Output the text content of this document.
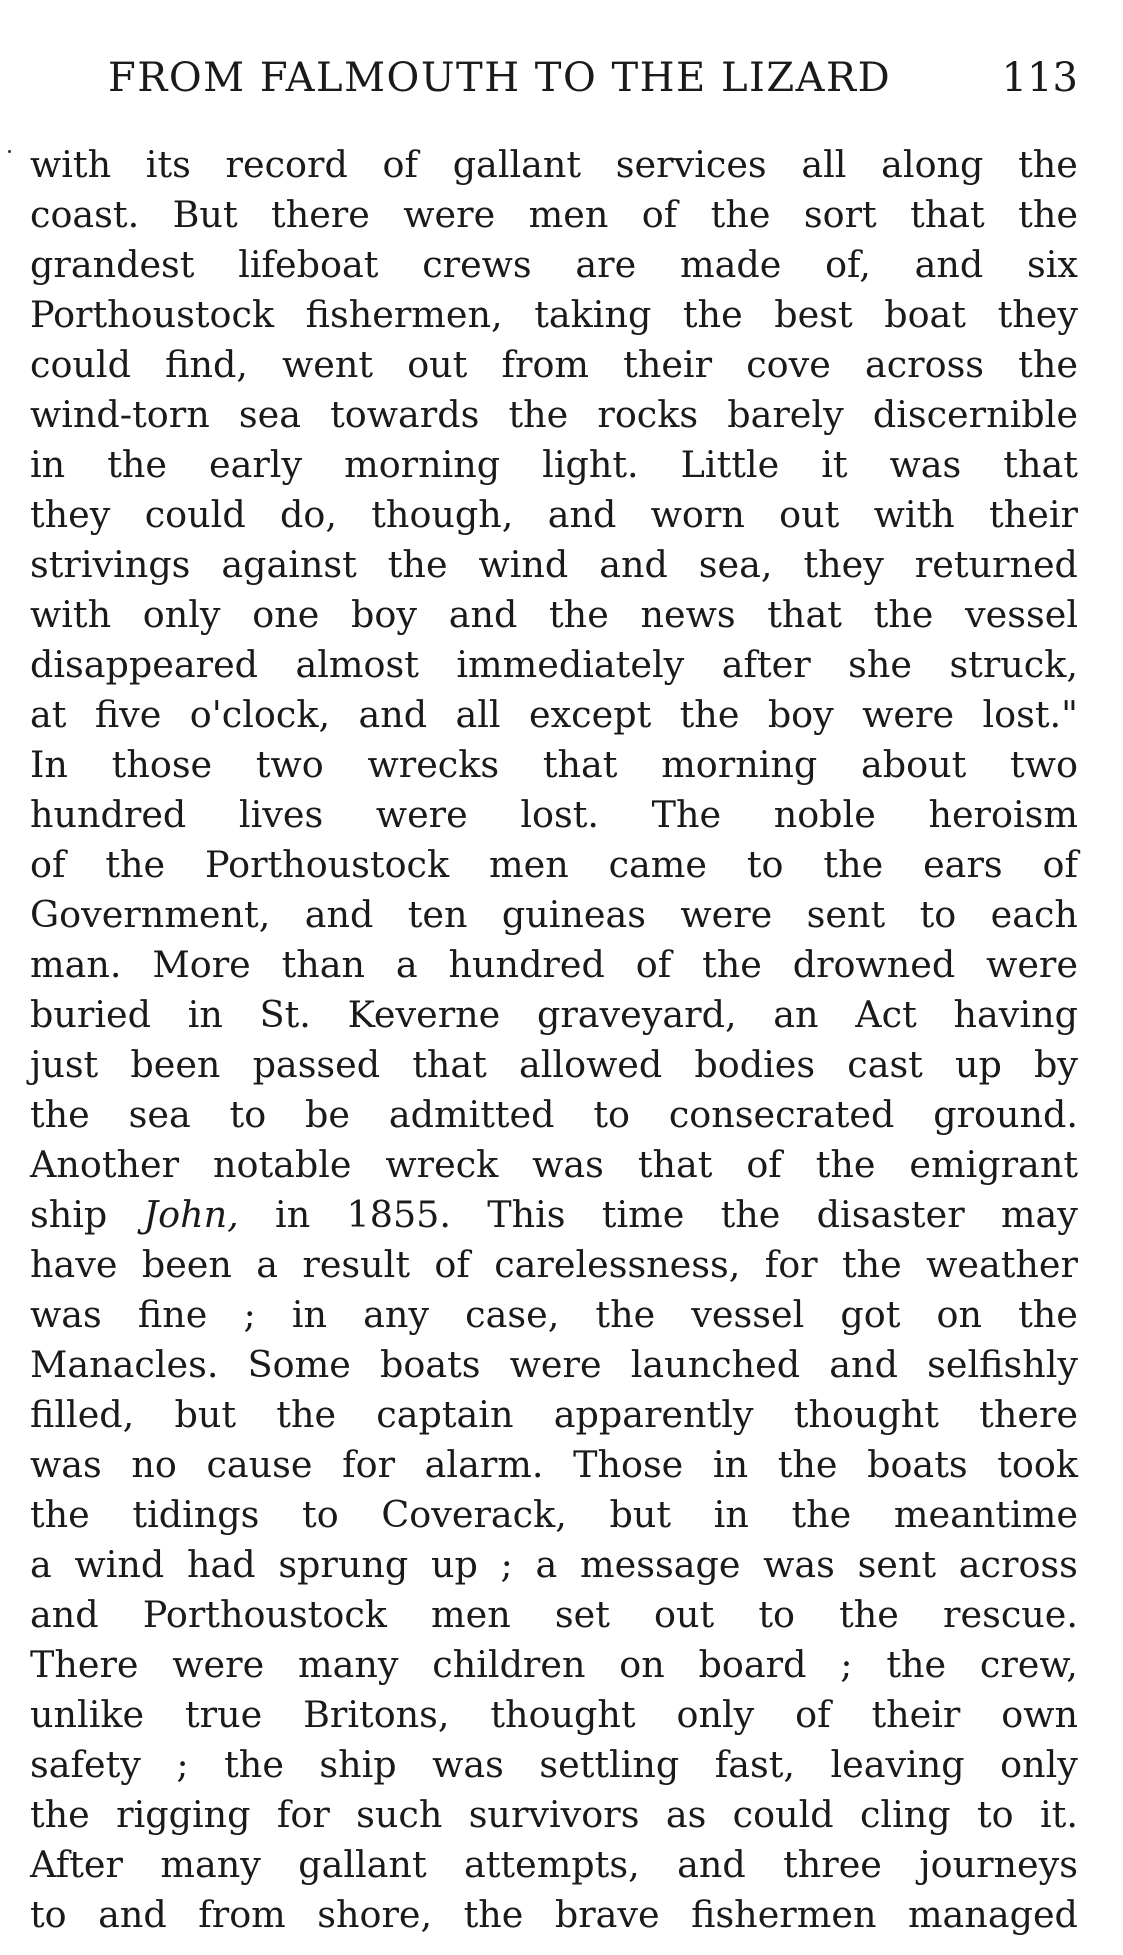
FROM FALMOUTH TO THE LIZARD	113
with its record of gallant services all along the
coast. But there were men of the sort that the
grandest lifeboat crews are made of, and six
Porthoustock fishermen, taking the best boat they
could find, went out from their cove across the
wind-torn sea towards the rocks barely discernible
in the early morning light. Little it was that
they could do, though, and worn out with their
strivings against the wind and sea, they returned
with only one boy and the news that the vessel
disappeared almost immediately after she struck,
at five o'clock, and all except the boy were lost."
In those two wrecks that morning about two
hundred lives were lost. The noble heroism
of the Porthoustock men came to the ears of
Government, and ten guineas were sent to each
man. More than a hundred of the drowned were
buried in St. Keverne graveyard, an Act having
just been passed that allowed bodies cast up by
the sea to be admitted to consecrated ground.
Another notable wreck was that of the emigrant
ship John, in 1855. This time the disaster may
have been a result of carelessness, for the weather
was fine ; in any case, the vessel got on the
Manacles. Some boats were launched and selfishly
filled, but the captain apparently thought there
was no cause for alarm. Those in the boats took
the tidings to Coverack, but in the meantime
a wind had sprung up ; a message was sent across
and Porthoustock men set out to the rescue.
There were many children on board ; the crew,
unlike true Britons, thought only of their own
safety ; the ship was settling fast, leaving only
the rigging for such survivors as could cling to it.
After many gallant attempts, and three journeys
to and from shore, the brave fishermen managed
